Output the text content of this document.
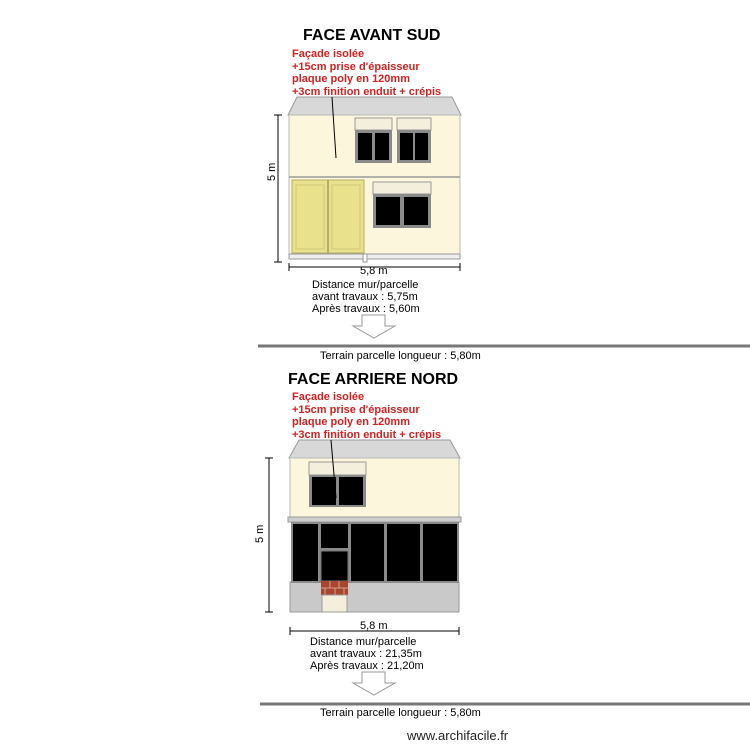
FACE AVANT SUD
Façade isolée
+15cm prise d'épaisseur
plaque poly en 120mm
+3cm finition enduit + crépis
5 m
5,8 m
Distance mur/parcelle
avant travaux : 5,75m
Après travaux : 5,60m
Terrain parcelle longueur : 5,80m
FACE ARRIERE NORD
Façade isolée
+15cm prise d'épaisseur
plaque poly en 120mm
+3cm finition enduit + crépis
5 m
5,8 m
Distance mur/parcelle
avant travaux : 21,35m
Après travaux : 21,20m
Terrain parcelle longueur : 5,80m
www.archifacile.fr
